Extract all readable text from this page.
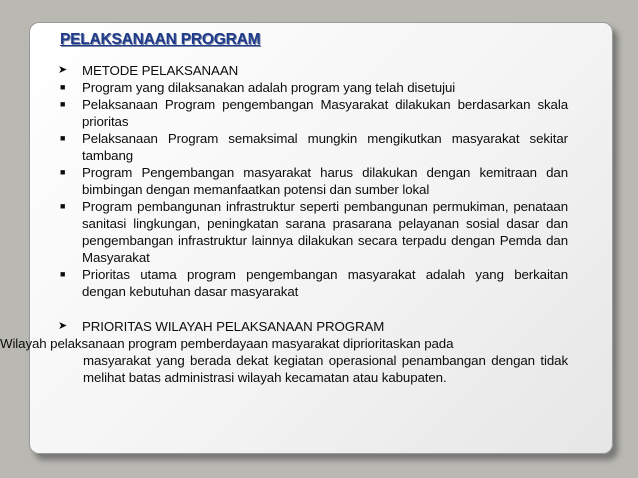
PELAKSANAAN PROGRAM
➤	METODE PELAKSANAAN
■	Program yang dilaksanakan adalah program yang telah disetujui
■	Pelaksanaan Program pengembangan Masyarakat dilakukan berdasarkan skala prioritas
■	Pelaksanaan Program semaksimal mungkin mengikutkan masyarakat sekitar tambang
■	Program Pengembangan masyarakat harus dilakukan dengan kemitraan dan bimbingan dengan memanfaatkan potensi dan sumber lokal
■	Program pembangunan infrastruktur seperti pembangunan permukiman, penataan sanitasi lingkungan, peningkatan sarana prasarana pelayanan sosial dasar dan pengembangan infrastruktur lainnya dilakukan secara terpadu dengan Pemda dan Masyarakat
■	Prioritas utama program pengembangan masyarakat adalah yang berkaitan dengan kebutuhan dasar masyarakat
➤	PRIORITAS WILAYAH PELAKSANAAN PROGRAM
Wilayah pelaksanaan program pemberdayaan masyarakat diprioritaskan pada
masyarakat yang berada dekat kegiatan operasional penambangan dengan tidak melihat batas administrasi wilayah kecamatan atau kabupaten.
